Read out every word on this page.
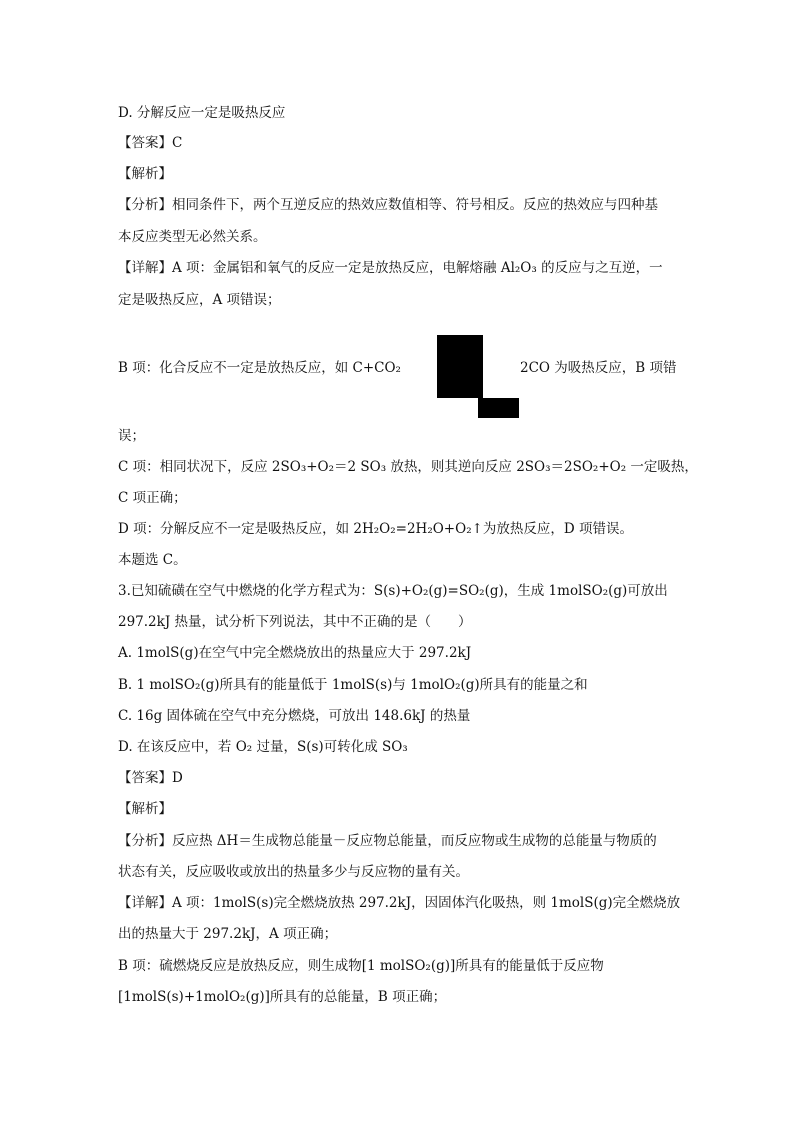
D. 分解反应一定是吸热反应
【答案】C
【解析】
【分析】相同条件下，两个互逆反应的热效应数值相等、符号相反。反应的热效应与四种基
本反应类型无必然关系。
【详解】A 项：金属铝和氧气的反应一定是放热反应，电解熔融 Al₂O₃ 的反应与之互逆，一
定是吸热反应，A 项错误；
B 项：化合反应不一定是放热反应，如 C+CO₂	2CO 为吸热反应，B 项错
误；
C 项：相同状况下，反应 2SO₃+O₂＝2 SO₃ 放热，则其逆向反应 2SO₃＝2SO₂+O₂ 一定吸热，
C 项正确；
D 项：分解反应不一定是吸热反应，如 2H₂O₂=2H₂O+O₂↑为放热反应，D 项错误。
本题选 C。
3.已知硫磺在空气中燃烧的化学方程式为：S(s)+O₂(g)=SO₂(g)，生成 1molSO₂(g)可放出
297.2kJ 热量，试分析下列说法，其中不正确的是（　　）
A. 1molS(g)在空气中完全燃烧放出的热量应大于 297.2kJ
B. 1 molSO₂(g)所具有的能量低于 1molS(s)与 1molO₂(g)所具有的能量之和
C. 16g 固体硫在空气中充分燃烧，可放出 148.6kJ 的热量
D. 在该反应中，若 O₂ 过量，S(s)可转化成 SO₃
【答案】D
【解析】
【分析】反应热 ΔH＝生成物总能量－反应物总能量，而反应物或生成物的总能量与物质的
状态有关，反应吸收或放出的热量多少与反应物的量有关。
【详解】A 项：1molS(s)完全燃烧放热 297.2kJ，因固体汽化吸热，则 1molS(g)完全燃烧放
出的热量大于 297.2kJ，A 项正确；
B 项：硫燃烧反应是放热反应，则生成物[1 molSO₂(g)]所具有的能量低于反应物
[1molS(s)+1molO₂(g)]所具有的总能量，B 项正确；
